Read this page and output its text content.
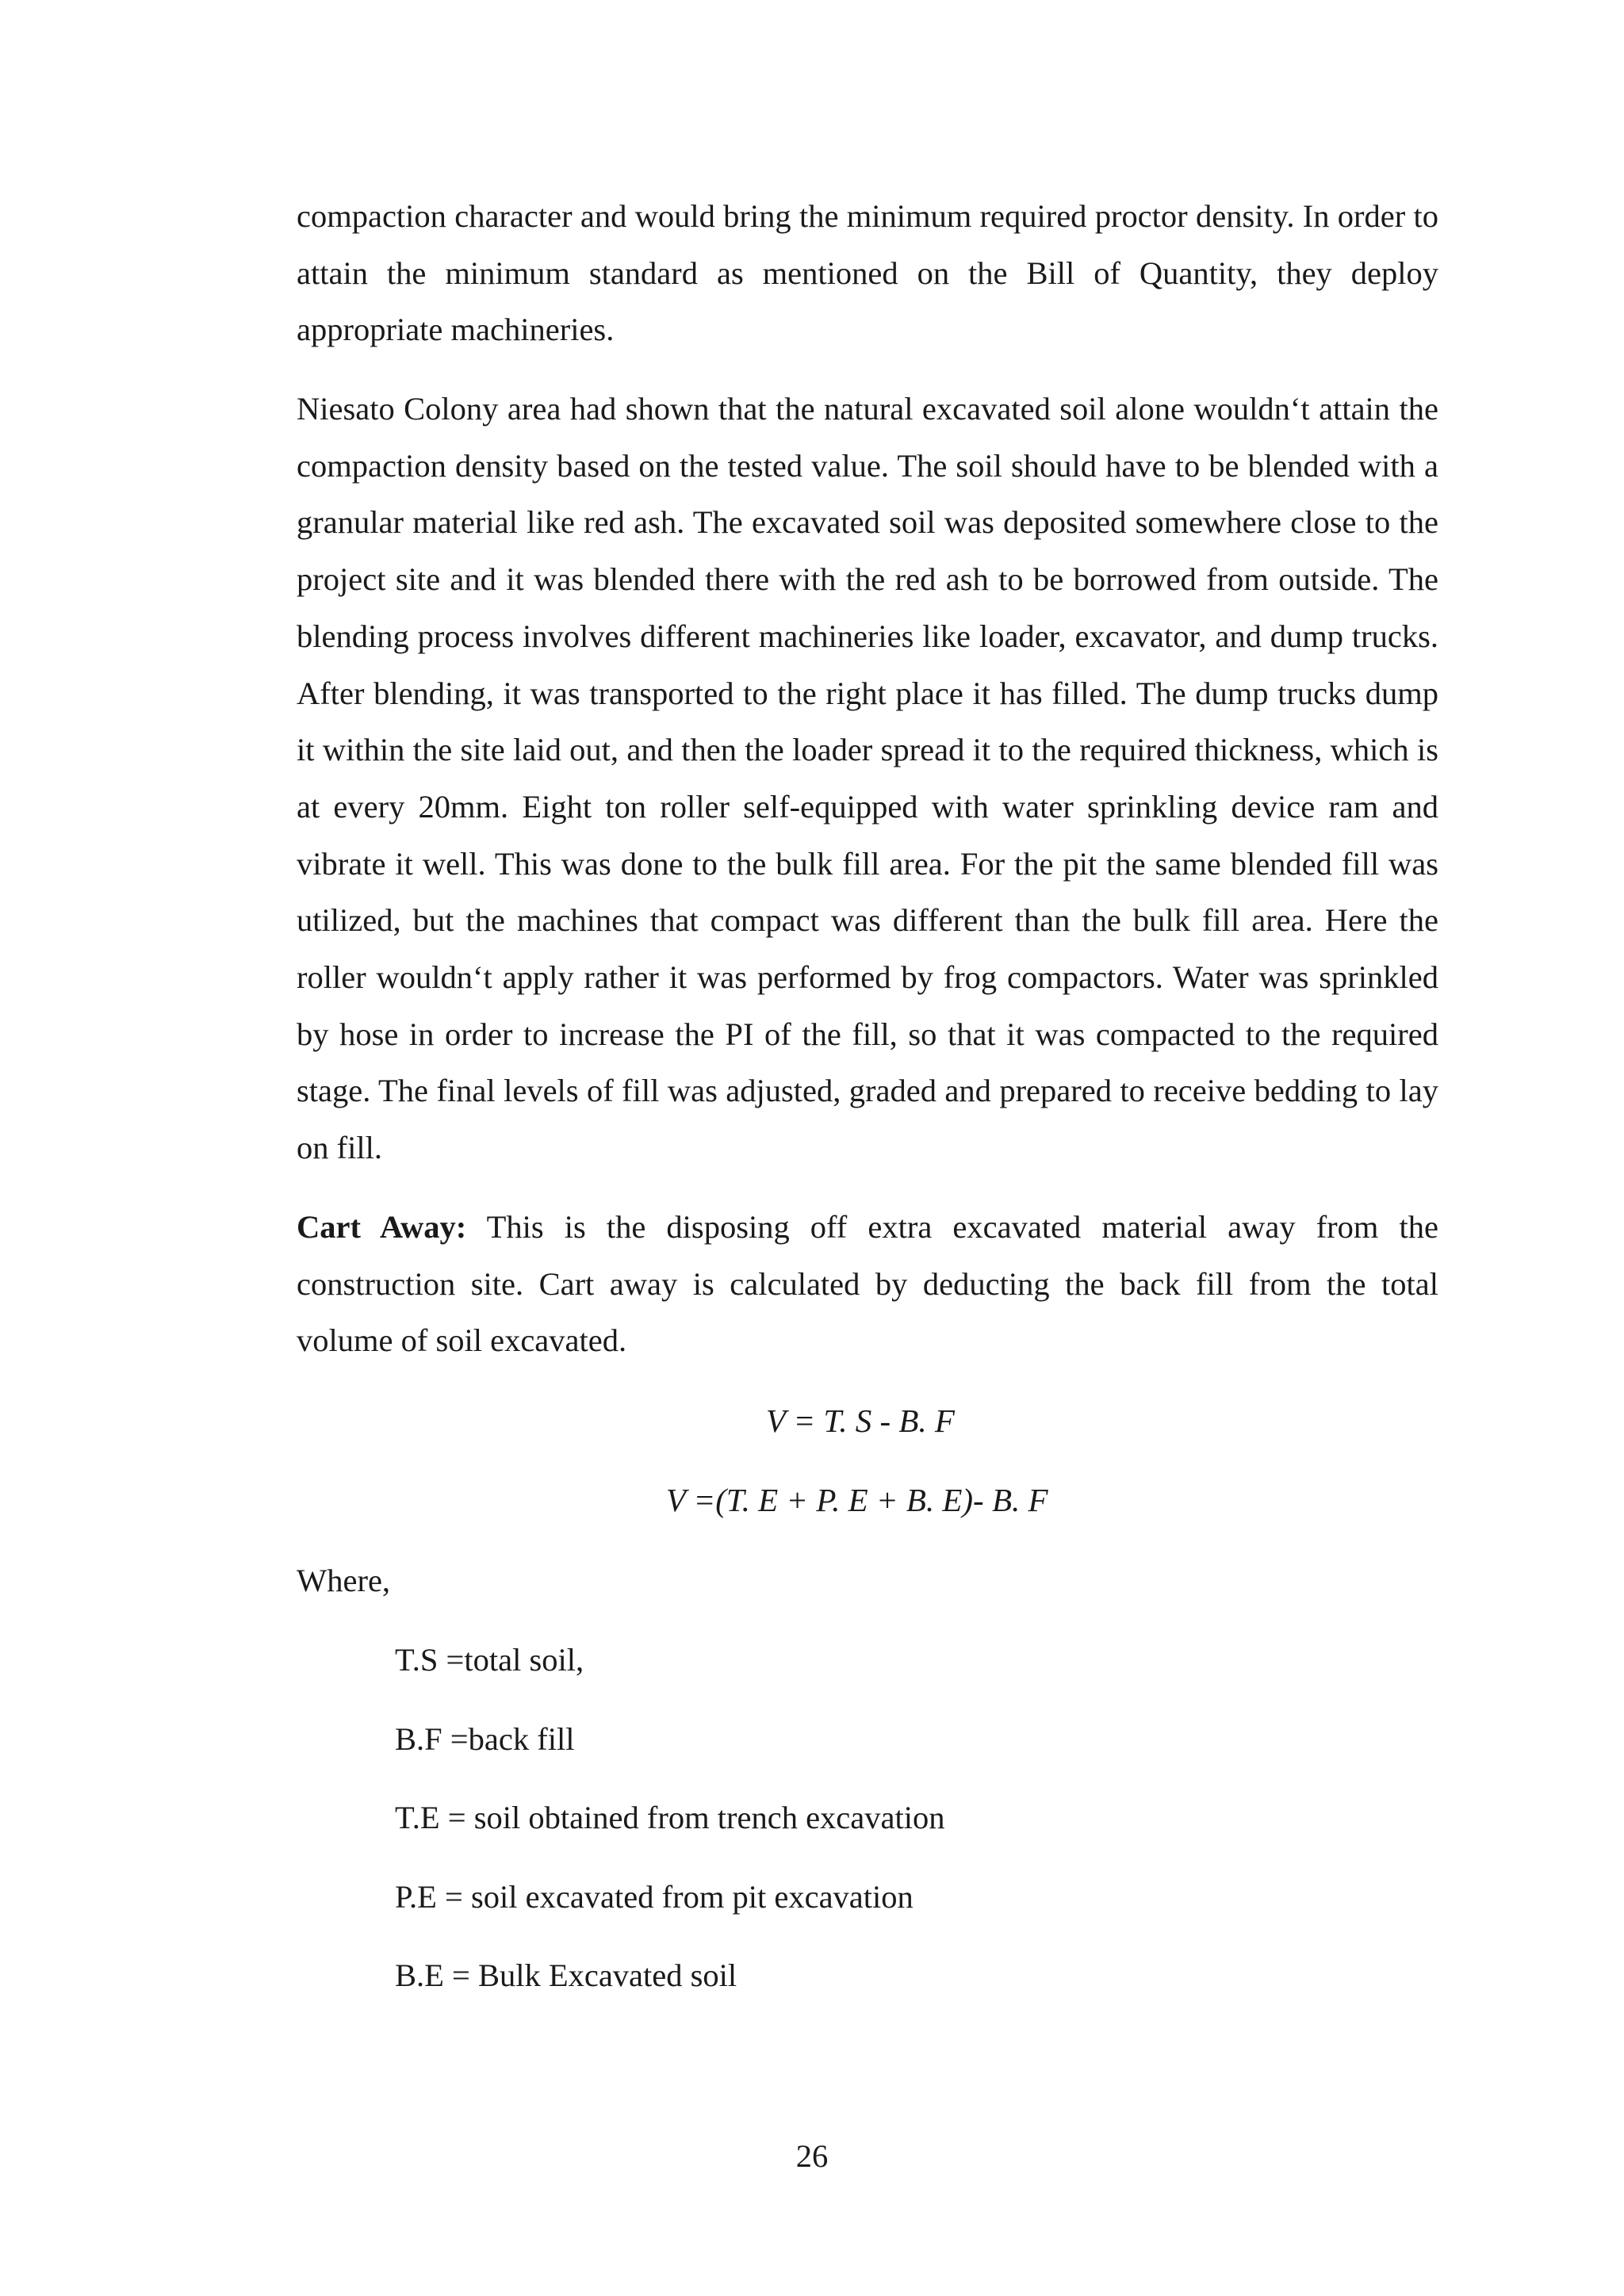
compaction character and would bring the minimum required proctor density. In order to attain the minimum standard as mentioned on the Bill of Quantity, they deploy appropriate machineries.

Niesato Colony area had shown that the natural excavated soil alone wouldn‘t attain the compaction density based on the tested value. The soil should have to be blended with a granular material like red ash. The excavated soil was deposited somewhere close to the project site and it was blended there with the red ash to be borrowed from outside. The blending process involves different machineries like loader, excavator, and dump trucks. After blending, it was transported to the right place it has filled. The dump trucks dump it within the site laid out, and then the loader spread it to the required thickness, which is at every 20mm. Eight ton roller self-equipped with water sprinkling device ram and vibrate it well. This was done to the bulk fill area. For the pit the same blended fill was utilized, but the machines that compact was different than the bulk fill area. Here the roller wouldn‘t apply rather it was performed by frog compactors. Water was sprinkled by hose in order to increase the PI of the fill, so that it was compacted to the required stage. The final levels of fill was adjusted, graded and prepared to receive bedding to lay on fill.

Cart Away: This is the disposing off extra excavated material away from the construction site. Cart away is calculated by deducting the back fill from the total volume of soil excavated.

V = T. S - B. F
V =(T. E + P. E + B. E)- B. F
Where,
T.S =total soil,
B.F =back fill
T.E = soil obtained from trench excavation
P.E = soil excavated from pit excavation
B.E = Bulk Excavated soil
26
